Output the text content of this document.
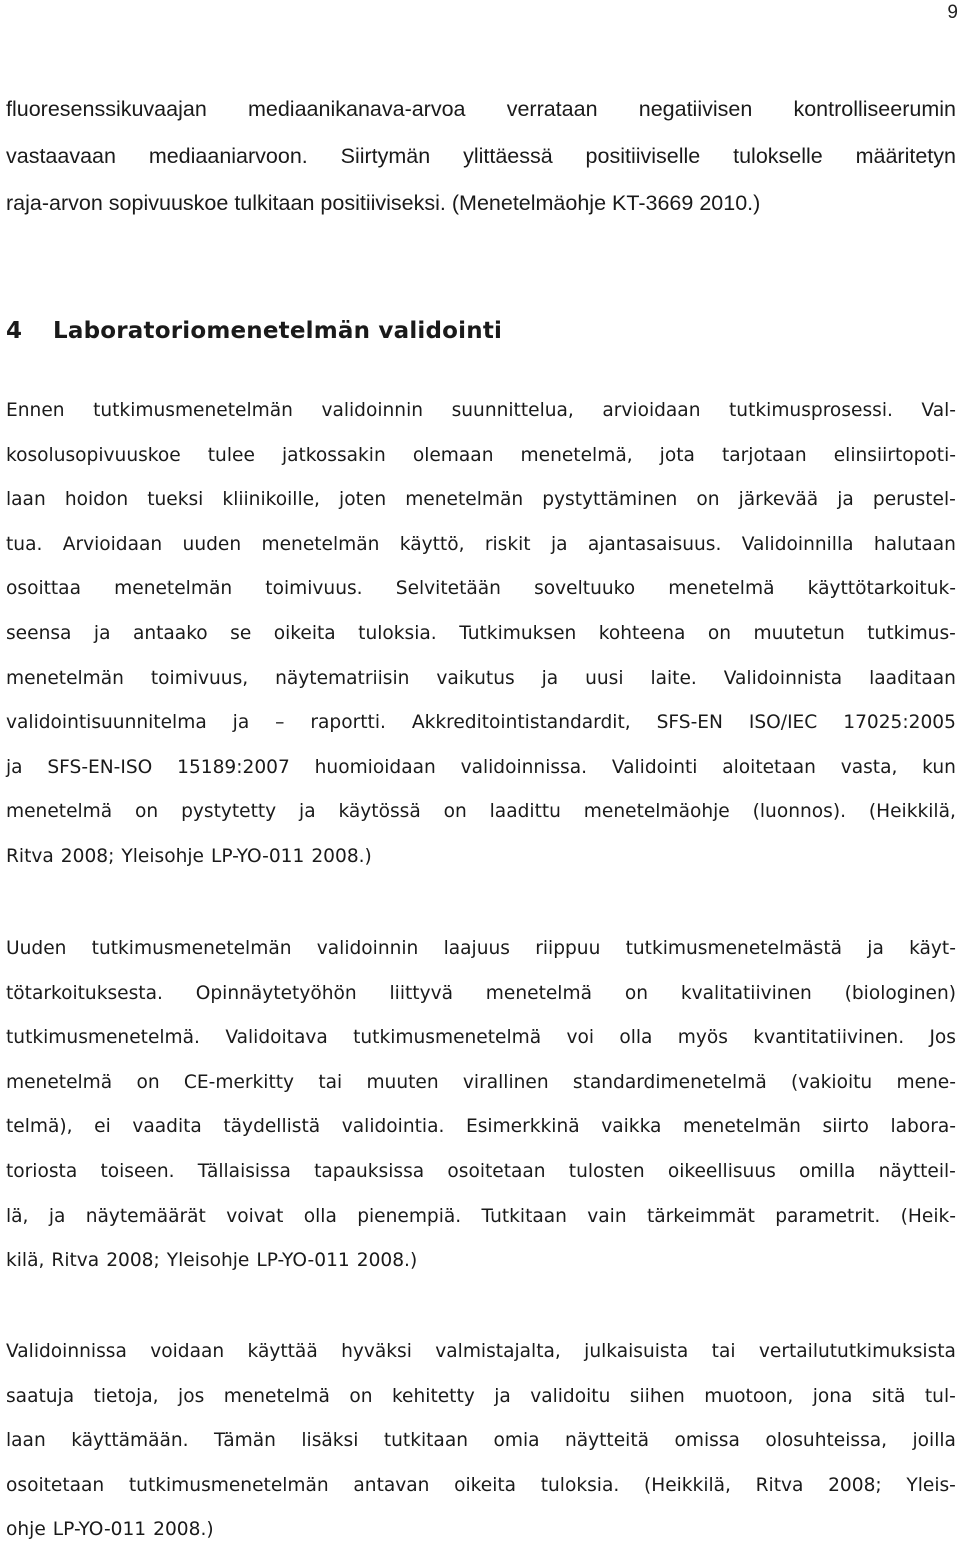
9

fluoresenssikuvaajan mediaanikanava-arvoa verrataan negatiivisen kontrolliseerumin

vastaavaan mediaaniarvoon. Siirtymän ylittäessä positiiviselle tulokselle määritetyn

raja-arvon sopivuuskoe tulkitaan positiiviseksi. (Menetelmäohje KT-3669 2010.)

4 Laboratoriomenetelmän validointi

Ennen tutkimusmenetelmän validoinnin suunnittelua, arvioidaan tutkimusprosessi. Val-

kosolusopivuuskoe tulee jatkossakin olemaan menetelmä, jota tarjotaan elinsiirtopoti-

laan hoidon tueksi kliinikoille, joten menetelmän pystyttäminen on järkevää ja perustel-

tua. Arvioidaan uuden menetelmän käyttö, riskit ja ajantasaisuus. Validoinnilla halutaan

osoittaa menetelmän toimivuus. Selvitetään soveltuuko menetelmä käyttötarkoituk-

seensa ja antaako se oikeita tuloksia. Tutkimuksen kohteena on muutetun tutkimus-

menetelmän toimivuus, näytematriisin vaikutus ja uusi laite. Validoinnista laaditaan

validointisuunnitelma ja – raportti. Akkreditointistandardit, SFS-EN ISO/IEC 17025:2005

ja SFS-EN-ISO 15189:2007 huomioidaan validoinnissa. Validointi aloitetaan vasta, kun

menetelmä on pystytetty ja käytössä on laadittu menetelmäohje (luonnos). (Heikkilä,

Ritva 2008; Yleisohje LP-YO-011 2008.)

Uuden tutkimusmenetelmän validoinnin laajuus riippuu tutkimusmenetelmästä ja käyt-

tötarkoituksesta. Opinnäytetyöhön liittyvä menetelmä on kvalitatiivinen (biologinen)

tutkimusmenetelmä. Validoitava tutkimusmenetelmä voi olla myös kvantitatiivinen. Jos

menetelmä on CE-merkitty tai muuten virallinen standardimenetelmä (vakioitu mene-

telmä), ei vaadita täydellistä validointia. Esimerkkinä vaikka menetelmän siirto labora-

toriosta toiseen. Tällaisissa tapauksissa osoitetaan tulosten oikeellisuus omilla näytteil-

lä, ja näytemäärät voivat olla pienempiä. Tutkitaan vain tärkeimmät parametrit. (Heik-

kilä, Ritva 2008; Yleisohje LP-YO-011 2008.)

Validoinnissa voidaan käyttää hyväksi valmistajalta, julkaisuista tai vertailututkimuksista

saatuja tietoja, jos menetelmä on kehitetty ja validoitu siihen muotoon, jona sitä tul-

laan käyttämään. Tämän lisäksi tutkitaan omia näytteitä omissa olosuhteissa, joilla

osoitetaan tutkimusmenetelmän antavan oikeita tuloksia. (Heikkilä, Ritva 2008; Yleis-

ohje LP-YO-011 2008.)
